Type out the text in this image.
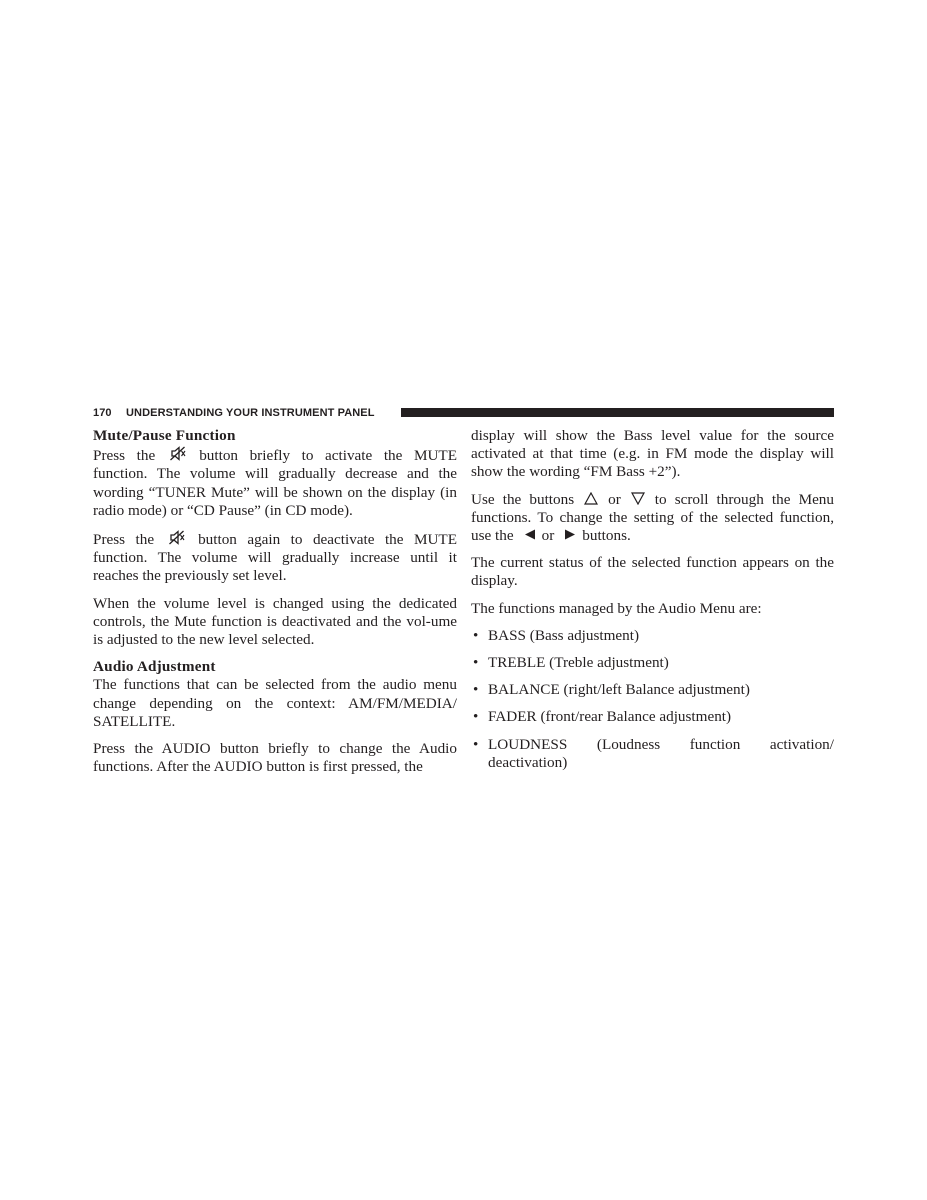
170 UNDERSTANDING YOUR INSTRUMENT PANEL
Mute/Pause Function

Press the	button briefly to activate the MUTE function. The volume will gradually decrease and the wording “TUNER Mute” will be shown on the display (in radio mode) or “CD Pause” (in CD mode).

Press the	button again to deactivate the MUTE function. The volume will gradually increase until it reaches the previously set level.

When the volume level is changed using the dedicated controls, the Mute function is deactivated and the vol-ume is adjusted to the new level selected.

Audio Adjustment

The functions that can be selected from the audio menu change depending on the context: AM/FM/MEDIA/ SATELLITE.

Press the AUDIO button briefly to change the Audio functions. After the AUDIO button is first pressed, the

display will show the Bass level value for the source activated at that time (e.g. in FM mode the display will show the wording “FM Bass +2”).

Use the buttons or to scroll through the Menu functions. To change the setting of the selected function, use the or buttons.

The current status of the selected function appears on the display.

The functions managed by the Audio Menu are:

• BASS (Bass adjustment)
• TREBLE (Treble adjustment)
• BALANCE (right/left Balance adjustment)
• FADER (front/rear Balance adjustment)
• LOUDNESS (Loudness function activation/ deactivation)
